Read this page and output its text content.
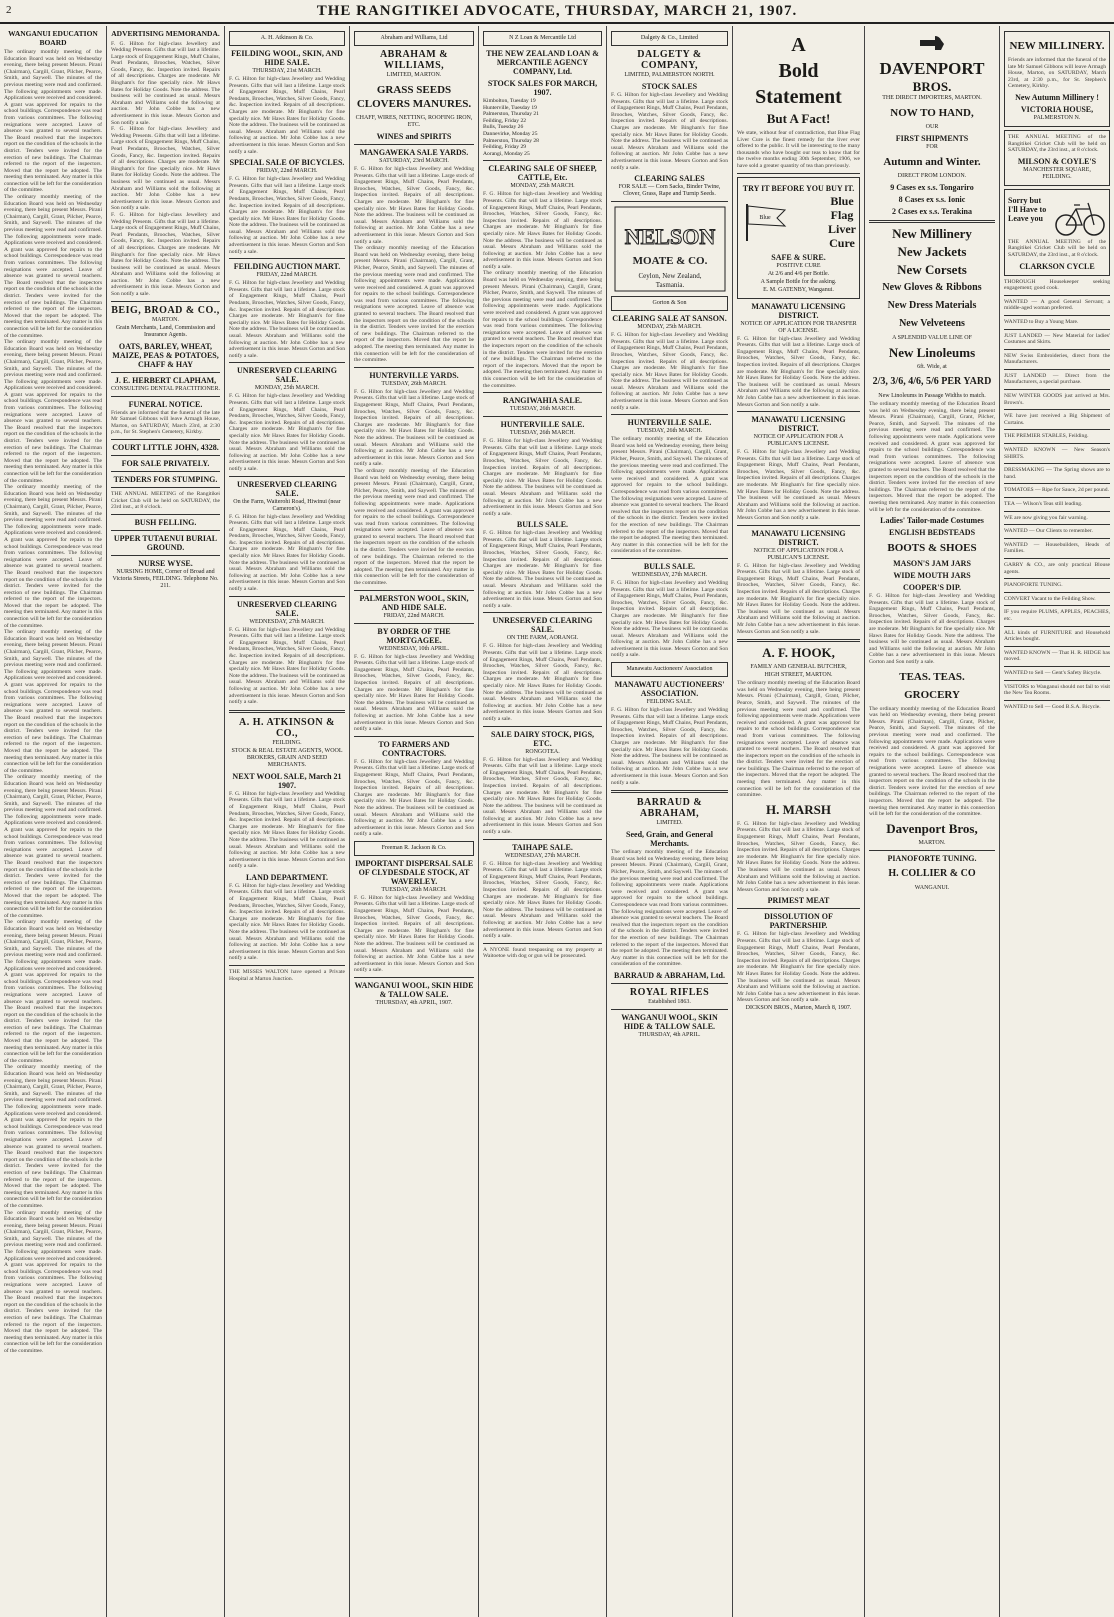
2	THE RANGITIKEI ADVOCATE, THURSDAY, MARCH 21, 1907.
WANGANUI EDUCATION BOARD
The ordinary monthly meeting of the Education Board was held on Wednesday evening, there being present Messrs. Pirani (Chairman), Cargill, Grant, Pilcher, Pearce, Smith, and Saywell. The minutes of the previous meeting were read and confirmed. The following appointments were made. Applications were received and considered. A grant was approved for repairs to the school buildings. Correspondence was read from various committees. The following resignations were accepted. Leave of absence was granted to several teachers. The Board resolved that the inspectors report on the condition of the schools in the district. Tenders were invited for the erection of new buildings. The Chairman referred to the report of the inspectors. Moved that the report be adopted. The meeting then terminated. Any matter in this connection will be left for the consideration of the committee.
The ordinary monthly meeting of the Education Board was held on Wednesday evening, there being present Messrs. Pirani (Chairman), Cargill, Grant, Pilcher, Pearce, Smith, and Saywell. The minutes of the previous meeting were read and confirmed. The following appointments were made. Applications were received and considered. A grant was approved for repairs to the school buildings. Correspondence was read from various committees. The following resignations were accepted. Leave of absence was granted to several teachers. The Board resolved that the inspectors report on the condition of the schools in the district. Tenders were invited for the erection of new buildings. The Chairman referred to the report of the inspectors. Moved that the report be adopted. The meeting then terminated. Any matter in this connection will be left for the consideration of the committee.
The ordinary monthly meeting of the Education Board was held on Wednesday evening, there being present Messrs. Pirani (Chairman), Cargill, Grant, Pilcher, Pearce, Smith, and Saywell. The minutes of the previous meeting were read and confirmed. The following appointments were made. Applications were received and considered. A grant was approved for repairs to the school buildings. Correspondence was read from various committees. The following resignations were accepted. Leave of absence was granted to several teachers. The Board resolved that the inspectors report on the condition of the schools in the district. Tenders were invited for the erection of new buildings. The Chairman referred to the report of the inspectors. Moved that the report be adopted. The meeting then terminated. Any matter in this connection will be left for the consideration of the committee.
The ordinary monthly meeting of the Education Board was held on Wednesday evening, there being present Messrs. Pirani (Chairman), Cargill, Grant, Pilcher, Pearce, Smith, and Saywell. The minutes of the previous meeting were read and confirmed. The following appointments were made. Applications were received and considered. A grant was approved for repairs to the school buildings. Correspondence was read from various committees. The following resignations were accepted. Leave of absence was granted to several teachers. The Board resolved that the inspectors report on the condition of the schools in the district. Tenders were invited for the erection of new buildings. The Chairman referred to the report of the inspectors. Moved that the report be adopted. The meeting then terminated. Any matter in this connection will be left for the consideration of the committee.
The ordinary monthly meeting of the Education Board was held on Wednesday evening, there being present Messrs. Pirani (Chairman), Cargill, Grant, Pilcher, Pearce, Smith, and Saywell. The minutes of the previous meeting were read and confirmed. The following appointments were made. Applications were received and considered. A grant was approved for repairs to the school buildings. Correspondence was read from various committees. The following resignations were accepted. Leave of absence was granted to several teachers. The Board resolved that the inspectors report on the condition of the schools in the district. Tenders were invited for the erection of new buildings. The Chairman referred to the report of the inspectors. Moved that the report be adopted. The meeting then terminated. Any matter in this connection will be left for the consideration of the committee.
The ordinary monthly meeting of the Education Board was held on Wednesday evening, there being present Messrs. Pirani (Chairman), Cargill, Grant, Pilcher, Pearce, Smith, and Saywell. The minutes of the previous meeting were read and confirmed. The following appointments were made. Applications were received and considered. A grant was approved for repairs to the school buildings. Correspondence was read from various committees. The following resignations were accepted. Leave of absence was granted to several teachers. The Board resolved that the inspectors report on the condition of the schools in the district. Tenders were invited for the erection of new buildings. The Chairman referred to the report of the inspectors. Moved that the report be adopted. The meeting then terminated. Any matter in this connection will be left for the consideration of the committee.
The ordinary monthly meeting of the Education Board was held on Wednesday evening, there being present Messrs. Pirani (Chairman), Cargill, Grant, Pilcher, Pearce, Smith, and Saywell. The minutes of the previous meeting were read and confirmed. The following appointments were made. Applications were received and considered. A grant was approved for repairs to the school buildings. Correspondence was read from various committees. The following resignations were accepted. Leave of absence was granted to several teachers. The Board resolved that the inspectors report on the condition of the schools in the district. Tenders were invited for the erection of new buildings. The Chairman referred to the report of the inspectors. Moved that the report be adopted. The meeting then terminated. Any matter in this connection will be left for the consideration of the committee.
The ordinary monthly meeting of the Education Board was held on Wednesday evening, there being present Messrs. Pirani (Chairman), Cargill, Grant, Pilcher, Pearce, Smith, and Saywell. The minutes of the previous meeting were read and confirmed. The following appointments were made. Applications were received and considered. A grant was approved for repairs to the school buildings. Correspondence was read from various committees. The following resignations were accepted. Leave of absence was granted to several teachers. The Board resolved that the inspectors report on the condition of the schools in the district. Tenders were invited for the erection of new buildings. The Chairman referred to the report of the inspectors. Moved that the report be adopted. The meeting then terminated. Any matter in this connection will be left for the consideration of the committee.
The ordinary monthly meeting of the Education Board was held on Wednesday evening, there being present Messrs. Pirani (Chairman), Cargill, Grant, Pilcher, Pearce, Smith, and Saywell. The minutes of the previous meeting were read and confirmed. The following appointments were made. Applications were received and considered. A grant was approved for repairs to the school buildings. Correspondence was read from various committees. The following resignations were accepted. Leave of absence was granted to several teachers. The Board resolved that the inspectors report on the condition of the schools in the district. Tenders were invited for the erection of new buildings. The Chairman referred to the report of the inspectors. Moved that the report be adopted. The meeting then terminated. Any matter in this connection will be left for the consideration of the committee.
ADVERTISING MEMORANDA.
F. G. Hilton for high-class Jewellery and Wedding Presents. Gifts that will last a lifetime. Large stock of Engagement Rings, Muff Chains, Pearl Pendants, Brooches, Watches, Silver Goods, Fancy, &c. Inspection invited. Repairs of all descriptions. Charges are moderate. Mr Bingham's for fine specially nice. Mr Haws Bates for Holiday Goods. Note the address. The business will be continued as usual. Messrs Abraham and Williams sold the following at auction. Mr John Cobbe has a new advertisement in this issue. Messrs Gorton and Son notify a sale.
F. G. Hilton for high-class Jewellery and Wedding Presents. Gifts that will last a lifetime. Large stock of Engagement Rings, Muff Chains, Pearl Pendants, Brooches, Watches, Silver Goods, Fancy, &c. Inspection invited. Repairs of all descriptions. Charges are moderate. Mr Bingham's for fine specially nice. Mr Haws Bates for Holiday Goods. Note the address. The business will be continued as usual. Messrs Abraham and Williams sold the following at auction. Mr John Cobbe has a new advertisement in this issue. Messrs Gorton and Son notify a sale.
F. G. Hilton for high-class Jewellery and Wedding Presents. Gifts that will last a lifetime. Large stock of Engagement Rings, Muff Chains, Pearl Pendants, Brooches, Watches, Silver Goods, Fancy, &c. Inspection invited. Repairs of all descriptions. Charges are moderate. Mr Bingham's for fine specially nice. Mr Haws Bates for Holiday Goods. Note the address. The business will be continued as usual. Messrs Abraham and Williams sold the following at auction. Mr John Cobbe has a new advertisement in this issue. Messrs Gorton and Son notify a sale.
BEIG, BROAD & CO.,
MARTON.
Grain Merchants, Land, Commission and Insurance Agents.
OATS, BARLEY, WHEAT, MAIZE, PEAS & POTATOES, CHAFF & HAY
J. E. HERBERT CLAPHAM,
CONSULTING DENTAL PRACTITIONER.
FUNERAL NOTICE.
Friends are informed that the funeral of the late Mr Samuel Gibbons will leave Armagh House, Marton, on SATURDAY, March 23rd, at 2:30 p.m., for St. Stephen's Cemetery, Kirkby.
COURT LITTLE JOHN, 4328.
FOR SALE PRIVATELY.
TENDERS FOR STUMPING.
THE ANNUAL MEETING of the Rangitikei Cricket Club will be held on SATURDAY, the 23rd inst., at 8 o'clock.
BUSH FELLING.
UPPER TUTAENUI BURIAL GROUND.
NURSE WYSE.
NURSING HOME, Corner of Broad and Victoria Streets, FEILDING. Telephone No. 211.
A. H. Atkinson & Co.
FEILDING WOOL, SKIN, AND HIDE SALE.
THURSDAY, 21st MARCH.
F. G. Hilton for high-class Jewellery and Wedding Presents. Gifts that will last a lifetime. Large stock of Engagement Rings, Muff Chains, Pearl Pendants, Brooches, Watches, Silver Goods, Fancy, &c. Inspection invited. Repairs of all descriptions. Charges are moderate. Mr Bingham's for fine specially nice. Mr Haws Bates for Holiday Goods. Note the address. The business will be continued as usual. Messrs Abraham and Williams sold the following at auction. Mr John Cobbe has a new advertisement in this issue. Messrs Gorton and Son notify a sale.
SPECIAL SALE OF BICYCLES.
FRIDAY, 22nd MARCH.
F. G. Hilton for high-class Jewellery and Wedding Presents. Gifts that will last a lifetime. Large stock of Engagement Rings, Muff Chains, Pearl Pendants, Brooches, Watches, Silver Goods, Fancy, &c. Inspection invited. Repairs of all descriptions. Charges are moderate. Mr Bingham's for fine specially nice. Mr Haws Bates for Holiday Goods. Note the address. The business will be continued as usual. Messrs Abraham and Williams sold the following at auction. Mr John Cobbe has a new advertisement in this issue. Messrs Gorton and Son notify a sale.
FEILDING AUCTION MART.
FRIDAY, 22nd MARCH.
F. G. Hilton for high-class Jewellery and Wedding Presents. Gifts that will last a lifetime. Large stock of Engagement Rings, Muff Chains, Pearl Pendants, Brooches, Watches, Silver Goods, Fancy, &c. Inspection invited. Repairs of all descriptions. Charges are moderate. Mr Bingham's for fine specially nice. Mr Haws Bates for Holiday Goods. Note the address. The business will be continued as usual. Messrs Abraham and Williams sold the following at auction. Mr John Cobbe has a new advertisement in this issue. Messrs Gorton and Son notify a sale.
UNRESERVED CLEARING SALE.
MONDAY, 25th MARCH.
F. G. Hilton for high-class Jewellery and Wedding Presents. Gifts that will last a lifetime. Large stock of Engagement Rings, Muff Chains, Pearl Pendants, Brooches, Watches, Silver Goods, Fancy, &c. Inspection invited. Repairs of all descriptions. Charges are moderate. Mr Bingham's for fine specially nice. Mr Haws Bates for Holiday Goods. Note the address. The business will be continued as usual. Messrs Abraham and Williams sold the following at auction. Mr John Cobbe has a new advertisement in this issue. Messrs Gorton and Son notify a sale.
UNRESERVED CLEARING SALE.
On the Farm, Waiterohi Road, Hiwinui (near Cameron's).
F. G. Hilton for high-class Jewellery and Wedding Presents. Gifts that will last a lifetime. Large stock of Engagement Rings, Muff Chains, Pearl Pendants, Brooches, Watches, Silver Goods, Fancy, &c. Inspection invited. Repairs of all descriptions. Charges are moderate. Mr Bingham's for fine specially nice. Mr Haws Bates for Holiday Goods. Note the address. The business will be continued as usual. Messrs Abraham and Williams sold the following at auction. Mr John Cobbe has a new advertisement in this issue. Messrs Gorton and Son notify a sale.
UNRESERVED CLEARING SALE.
WEDNESDAY, 27th MARCH.
F. G. Hilton for high-class Jewellery and Wedding Presents. Gifts that will last a lifetime. Large stock of Engagement Rings, Muff Chains, Pearl Pendants, Brooches, Watches, Silver Goods, Fancy, &c. Inspection invited. Repairs of all descriptions. Charges are moderate. Mr Bingham's for fine specially nice. Mr Haws Bates for Holiday Goods. Note the address. The business will be continued as usual. Messrs Abraham and Williams sold the following at auction. Mr John Cobbe has a new advertisement in this issue. Messrs Gorton and Son notify a sale.
A. H. ATKINSON & CO.,
FEILDING.
STOCK & REAL ESTATE AGENTS, WOOL BROKERS, GRAIN AND SEED MERCHANTS.
NEXT WOOL SALE, March 21 1907.
F. G. Hilton for high-class Jewellery and Wedding Presents. Gifts that will last a lifetime. Large stock of Engagement Rings, Muff Chains, Pearl Pendants, Brooches, Watches, Silver Goods, Fancy, &c. Inspection invited. Repairs of all descriptions. Charges are moderate. Mr Bingham's for fine specially nice. Mr Haws Bates for Holiday Goods. Note the address. The business will be continued as usual. Messrs Abraham and Williams sold the following at auction. Mr John Cobbe has a new advertisement in this issue. Messrs Gorton and Son notify a sale.
LAND DEPARTMENT.
F. G. Hilton for high-class Jewellery and Wedding Presents. Gifts that will last a lifetime. Large stock of Engagement Rings, Muff Chains, Pearl Pendants, Brooches, Watches, Silver Goods, Fancy, &c. Inspection invited. Repairs of all descriptions. Charges are moderate. Mr Bingham's for fine specially nice. Mr Haws Bates for Holiday Goods. Note the address. The business will be continued as usual. Messrs Abraham and Williams sold the following at auction. Mr John Cobbe has a new advertisement in this issue. Messrs Gorton and Son notify a sale.
THE MISSES WALTON have opened a Private Hospital at Marton Junction.
Abraham and Williams, Ltd
ABRAHAM & WILLIAMS,
LIMITED, MARTON.
GRASS SEEDS CLOVERS MANURES.
CHAFF, WIRES, NETTING, ROOFING IRON, ETC.
WINES and SPIRITS
MANGAWEKA SALE YARDS.
SATURDAY, 23rd MARCH.
F. G. Hilton for high-class Jewellery and Wedding Presents. Gifts that will last a lifetime. Large stock of Engagement Rings, Muff Chains, Pearl Pendants, Brooches, Watches, Silver Goods, Fancy, &c. Inspection invited. Repairs of all descriptions. Charges are moderate. Mr Bingham's for fine specially nice. Mr Haws Bates for Holiday Goods. Note the address. The business will be continued as usual. Messrs Abraham and Williams sold the following at auction. Mr John Cobbe has a new advertisement in this issue. Messrs Gorton and Son notify a sale.
The ordinary monthly meeting of the Education Board was held on Wednesday evening, there being present Messrs. Pirani (Chairman), Cargill, Grant, Pilcher, Pearce, Smith, and Saywell. The minutes of the previous meeting were read and confirmed. The following appointments were made. Applications were received and considered. A grant was approved for repairs to the school buildings. Correspondence was read from various committees. The following resignations were accepted. Leave of absence was granted to several teachers. The Board resolved that the inspectors report on the condition of the schools in the district. Tenders were invited for the erection of new buildings. The Chairman referred to the report of the inspectors. Moved that the report be adopted. The meeting then terminated. Any matter in this connection will be left for the consideration of the committee.
HUNTERVILLE YARDS.
TUESDAY, 26th MARCH.
F. G. Hilton for high-class Jewellery and Wedding Presents. Gifts that will last a lifetime. Large stock of Engagement Rings, Muff Chains, Pearl Pendants, Brooches, Watches, Silver Goods, Fancy, &c. Inspection invited. Repairs of all descriptions. Charges are moderate. Mr Bingham's for fine specially nice. Mr Haws Bates for Holiday Goods. Note the address. The business will be continued as usual. Messrs Abraham and Williams sold the following at auction. Mr John Cobbe has a new advertisement in this issue. Messrs Gorton and Son notify a sale.
The ordinary monthly meeting of the Education Board was held on Wednesday evening, there being present Messrs. Pirani (Chairman), Cargill, Grant, Pilcher, Pearce, Smith, and Saywell. The minutes of the previous meeting were read and confirmed. The following appointments were made. Applications were received and considered. A grant was approved for repairs to the school buildings. Correspondence was read from various committees. The following resignations were accepted. Leave of absence was granted to several teachers. The Board resolved that the inspectors report on the condition of the schools in the district. Tenders were invited for the erection of new buildings. The Chairman referred to the report of the inspectors. Moved that the report be adopted. The meeting then terminated. Any matter in this connection will be left for the consideration of the committee.
PALMERSTON WOOL, SKIN, AND HIDE SALE.
FRIDAY, 22nd MARCH.
BY ORDER OF THE MORTGAGEE.
WEDNESDAY, 10th APRIL.
F. G. Hilton for high-class Jewellery and Wedding Presents. Gifts that will last a lifetime. Large stock of Engagement Rings, Muff Chains, Pearl Pendants, Brooches, Watches, Silver Goods, Fancy, &c. Inspection invited. Repairs of all descriptions. Charges are moderate. Mr Bingham's for fine specially nice. Mr Haws Bates for Holiday Goods. Note the address. The business will be continued as usual. Messrs Abraham and Williams sold the following at auction. Mr John Cobbe has a new advertisement in this issue. Messrs Gorton and Son notify a sale.
TO FARMERS AND CONTRACTORS.
F. G. Hilton for high-class Jewellery and Wedding Presents. Gifts that will last a lifetime. Large stock of Engagement Rings, Muff Chains, Pearl Pendants, Brooches, Watches, Silver Goods, Fancy, &c. Inspection invited. Repairs of all descriptions. Charges are moderate. Mr Bingham's for fine specially nice. Mr Haws Bates for Holiday Goods. Note the address. The business will be continued as usual. Messrs Abraham and Williams sold the following at auction. Mr John Cobbe has a new advertisement in this issue. Messrs Gorton and Son notify a sale.
Freeman R. Jackson & Co.
IMPORTANT DISPERSAL SALE OF CLYDESDALE STOCK, AT WAVERLEY.
TUESDAY, 26th MARCH.
F. G. Hilton for high-class Jewellery and Wedding Presents. Gifts that will last a lifetime. Large stock of Engagement Rings, Muff Chains, Pearl Pendants, Brooches, Watches, Silver Goods, Fancy, &c. Inspection invited. Repairs of all descriptions. Charges are moderate. Mr Bingham's for fine specially nice. Mr Haws Bates for Holiday Goods. Note the address. The business will be continued as usual. Messrs Abraham and Williams sold the following at auction. Mr John Cobbe has a new advertisement in this issue. Messrs Gorton and Son notify a sale.
WANGANUI WOOL, SKIN HIDE & TALLOW SALE.
THURSDAY, 4th APRIL, 1907.
N Z Loan & Mercantile Ltd
THE NEW ZEALAND LOAN & MERCANTILE AGENCY COMPANY, Ltd.
STOCK SALES FOR MARCH, 1907.
Kimbolton, Tuesday 19
Hunterville, Tuesday 19
Palmerston, Thursday 21
Feilding, Friday 22
Bulls, Tuesday 26
Dannevirke, Monday 25
Palmerston, Thursday 28
Feilding, Friday 29
Aorangi, Monday 25
CLEARING SALE OF SHEEP, CATTLE, Etc.
MONDAY, 25th MARCH.
F. G. Hilton for high-class Jewellery and Wedding Presents. Gifts that will last a lifetime. Large stock of Engagement Rings, Muff Chains, Pearl Pendants, Brooches, Watches, Silver Goods, Fancy, &c. Inspection invited. Repairs of all descriptions. Charges are moderate. Mr Bingham's for fine specially nice. Mr Haws Bates for Holiday Goods. Note the address. The business will be continued as usual. Messrs Abraham and Williams sold the following at auction. Mr John Cobbe has a new advertisement in this issue. Messrs Gorton and Son notify a sale.
The ordinary monthly meeting of the Education Board was held on Wednesday evening, there being present Messrs. Pirani (Chairman), Cargill, Grant, Pilcher, Pearce, Smith, and Saywell. The minutes of the previous meeting were read and confirmed. The following appointments were made. Applications were received and considered. A grant was approved for repairs to the school buildings. Correspondence was read from various committees. The following resignations were accepted. Leave of absence was granted to several teachers. The Board resolved that the inspectors report on the condition of the schools in the district. Tenders were invited for the erection of new buildings. The Chairman referred to the report of the inspectors. Moved that the report be adopted. The meeting then terminated. Any matter in this connection will be left for the consideration of the committee.
RANGIWAHIA SALE.
TUESDAY, 26th MARCH.
HUNTERVILLE SALE.
TUESDAY, 26th MARCH.
F. G. Hilton for high-class Jewellery and Wedding Presents. Gifts that will last a lifetime. Large stock of Engagement Rings, Muff Chains, Pearl Pendants, Brooches, Watches, Silver Goods, Fancy, &c. Inspection invited. Repairs of all descriptions. Charges are moderate. Mr Bingham's for fine specially nice. Mr Haws Bates for Holiday Goods. Note the address. The business will be continued as usual. Messrs Abraham and Williams sold the following at auction. Mr John Cobbe has a new advertisement in this issue. Messrs Gorton and Son notify a sale.
BULLS SALE.
F. G. Hilton for high-class Jewellery and Wedding Presents. Gifts that will last a lifetime. Large stock of Engagement Rings, Muff Chains, Pearl Pendants, Brooches, Watches, Silver Goods, Fancy, &c. Inspection invited. Repairs of all descriptions. Charges are moderate. Mr Bingham's for fine specially nice. Mr Haws Bates for Holiday Goods. Note the address. The business will be continued as usual. Messrs Abraham and Williams sold the following at auction. Mr John Cobbe has a new advertisement in this issue. Messrs Gorton and Son notify a sale.
UNRESERVED CLEARING SALE.
ON THE FARM, AORANGI.
F. G. Hilton for high-class Jewellery and Wedding Presents. Gifts that will last a lifetime. Large stock of Engagement Rings, Muff Chains, Pearl Pendants, Brooches, Watches, Silver Goods, Fancy, &c. Inspection invited. Repairs of all descriptions. Charges are moderate. Mr Bingham's for fine specially nice. Mr Haws Bates for Holiday Goods. Note the address. The business will be continued as usual. Messrs Abraham and Williams sold the following at auction. Mr John Cobbe has a new advertisement in this issue. Messrs Gorton and Son notify a sale.
SALE DAIRY STOCK, PIGS, ETC.
RONGOTEA.
F. G. Hilton for high-class Jewellery and Wedding Presents. Gifts that will last a lifetime. Large stock of Engagement Rings, Muff Chains, Pearl Pendants, Brooches, Watches, Silver Goods, Fancy, &c. Inspection invited. Repairs of all descriptions. Charges are moderate. Mr Bingham's for fine specially nice. Mr Haws Bates for Holiday Goods. Note the address. The business will be continued as usual. Messrs Abraham and Williams sold the following at auction. Mr John Cobbe has a new advertisement in this issue. Messrs Gorton and Son notify a sale.
TAIHAPE SALE.
WEDNESDAY, 27th MARCH.
F. G. Hilton for high-class Jewellery and Wedding Presents. Gifts that will last a lifetime. Large stock of Engagement Rings, Muff Chains, Pearl Pendants, Brooches, Watches, Silver Goods, Fancy, &c. Inspection invited. Repairs of all descriptions. Charges are moderate. Mr Bingham's for fine specially nice. Mr Haws Bates for Holiday Goods. Note the address. The business will be continued as usual. Messrs Abraham and Williams sold the following at auction. Mr John Cobbe has a new advertisement in this issue. Messrs Gorton and Son notify a sale.
A NYONE found trespassing on my property at Waitoetoe with dog or gun will be prosecuted.
Dalgety & Co., Limited
DALGETY & COMPANY,
LIMITED, PALMERSTON NORTH.
STOCK SALES
F. G. Hilton for high-class Jewellery and Wedding Presents. Gifts that will last a lifetime. Large stock of Engagement Rings, Muff Chains, Pearl Pendants, Brooches, Watches, Silver Goods, Fancy, &c. Inspection invited. Repairs of all descriptions. Charges are moderate. Mr Bingham's for fine specially nice. Mr Haws Bates for Holiday Goods. Note the address. The business will be continued as usual. Messrs Abraham and Williams sold the following at auction. Mr John Cobbe has a new advertisement in this issue. Messrs Gorton and Son notify a sale.
CLEARING SALES
FOR SALE — Corn Sacks, Binder Twine, Clover, Grass, Rape and Turnip Seeds.
NELSON
MOATE & CO.
Ceylon, New Zealand,
Tasmania.
Gorton & Son
CLEARING SALE AT SANSON.
MONDAY, 25th MARCH.
F. G. Hilton for high-class Jewellery and Wedding Presents. Gifts that will last a lifetime. Large stock of Engagement Rings, Muff Chains, Pearl Pendants, Brooches, Watches, Silver Goods, Fancy, &c. Inspection invited. Repairs of all descriptions. Charges are moderate. Mr Bingham's for fine specially nice. Mr Haws Bates for Holiday Goods. Note the address. The business will be continued as usual. Messrs Abraham and Williams sold the following at auction. Mr John Cobbe has a new advertisement in this issue. Messrs Gorton and Son notify a sale.
HUNTERVILLE SALE.
TUESDAY, 26th MARCH.
The ordinary monthly meeting of the Education Board was held on Wednesday evening, there being present Messrs. Pirani (Chairman), Cargill, Grant, Pilcher, Pearce, Smith, and Saywell. The minutes of the previous meeting were read and confirmed. The following appointments were made. Applications were received and considered. A grant was approved for repairs to the school buildings. Correspondence was read from various committees. The following resignations were accepted. Leave of absence was granted to several teachers. The Board resolved that the inspectors report on the condition of the schools in the district. Tenders were invited for the erection of new buildings. The Chairman referred to the report of the inspectors. Moved that the report be adopted. The meeting then terminated. Any matter in this connection will be left for the consideration of the committee.
BULLS SALE.
WEDNESDAY, 27th MARCH.
F. G. Hilton for high-class Jewellery and Wedding Presents. Gifts that will last a lifetime. Large stock of Engagement Rings, Muff Chains, Pearl Pendants, Brooches, Watches, Silver Goods, Fancy, &c. Inspection invited. Repairs of all descriptions. Charges are moderate. Mr Bingham's for fine specially nice. Mr Haws Bates for Holiday Goods. Note the address. The business will be continued as usual. Messrs Abraham and Williams sold the following at auction. Mr John Cobbe has a new advertisement in this issue. Messrs Gorton and Son notify a sale.
Manawatu Auctioneers' Association
MANAWATU AUCTIONEERS' ASSOCIATION.
FEILDING SALE.
F. G. Hilton for high-class Jewellery and Wedding Presents. Gifts that will last a lifetime. Large stock of Engagement Rings, Muff Chains, Pearl Pendants, Brooches, Watches, Silver Goods, Fancy, &c. Inspection invited. Repairs of all descriptions. Charges are moderate. Mr Bingham's for fine specially nice. Mr Haws Bates for Holiday Goods. Note the address. The business will be continued as usual. Messrs Abraham and Williams sold the following at auction. Mr John Cobbe has a new advertisement in this issue. Messrs Gorton and Son notify a sale.
BARRAUD & ABRAHAM,
LIMITED.
Seed, Grain, and General Merchants.
The ordinary monthly meeting of the Education Board was held on Wednesday evening, there being present Messrs. Pirani (Chairman), Cargill, Grant, Pilcher, Pearce, Smith, and Saywell. The minutes of the previous meeting were read and confirmed. The following appointments were made. Applications were received and considered. A grant was approved for repairs to the school buildings. Correspondence was read from various committees. The following resignations were accepted. Leave of absence was granted to several teachers. The Board resolved that the inspectors report on the condition of the schools in the district. Tenders were invited for the erection of new buildings. The Chairman referred to the report of the inspectors. Moved that the report be adopted. The meeting then terminated. Any matter in this connection will be left for the consideration of the committee.
BARRAUD & ABRAHAM, Ltd.
ROYAL RIFLES
Established 1863.
WANGANUI WOOL, SKIN HIDE & TALLOW SALE.
THURSDAY, 4th APRIL.
A
Bold
Statement
But A Fact!
We state, without fear of contradiction, that Blue Flag Liver Cure is the finest remedy for the liver ever offered to the public. It will be interesting to the many thousands who have bought our teas to know that for the twelve months ending 30th September, 1906, we have sold a greater quantity of tea than previously.
TRY IT BEFORE YOU BUY IT.
Blue
Blue
Flag
Liver
Cure
SAFE & SURE.
POSITIVE CURE
At 2/6 and 4/6 per Bottle.
A Sample Bottle for the asking.
E. M. GATENBY, Wanganui.
MANAWATU LICENSING DISTRICT.
NOTICE OF APPLICATION FOR TRANSFER OF A LICENSE.
F. G. Hilton for high-class Jewellery and Wedding Presents. Gifts that will last a lifetime. Large stock of Engagement Rings, Muff Chains, Pearl Pendants, Brooches, Watches, Silver Goods, Fancy, &c. Inspection invited. Repairs of all descriptions. Charges are moderate. Mr Bingham's for fine specially nice. Mr Haws Bates for Holiday Goods. Note the address. The business will be continued as usual. Messrs Abraham and Williams sold the following at auction. Mr John Cobbe has a new advertisement in this issue. Messrs Gorton and Son notify a sale.
MANAWATU LICENSING DISTRICT.
NOTICE OF APPLICATION FOR A PUBLICAN'S LICENSE.
F. G. Hilton for high-class Jewellery and Wedding Presents. Gifts that will last a lifetime. Large stock of Engagement Rings, Muff Chains, Pearl Pendants, Brooches, Watches, Silver Goods, Fancy, &c. Inspection invited. Repairs of all descriptions. Charges are moderate. Mr Bingham's for fine specially nice. Mr Haws Bates for Holiday Goods. Note the address. The business will be continued as usual. Messrs Abraham and Williams sold the following at auction. Mr John Cobbe has a new advertisement in this issue. Messrs Gorton and Son notify a sale.
MANAWATU LICENSING DISTRICT.
NOTICE OF APPLICATION FOR A PUBLICAN'S LICENSE.
F. G. Hilton for high-class Jewellery and Wedding Presents. Gifts that will last a lifetime. Large stock of Engagement Rings, Muff Chains, Pearl Pendants, Brooches, Watches, Silver Goods, Fancy, &c. Inspection invited. Repairs of all descriptions. Charges are moderate. Mr Bingham's for fine specially nice. Mr Haws Bates for Holiday Goods. Note the address. The business will be continued as usual. Messrs Abraham and Williams sold the following at auction. Mr John Cobbe has a new advertisement in this issue. Messrs Gorton and Son notify a sale.
A. F. HOOK,
FAMILY AND GENERAL BUTCHER,
HIGH STREET, MARTON.
The ordinary monthly meeting of the Education Board was held on Wednesday evening, there being present Messrs. Pirani (Chairman), Cargill, Grant, Pilcher, Pearce, Smith, and Saywell. The minutes of the previous meeting were read and confirmed. The following appointments were made. Applications were received and considered. A grant was approved for repairs to the school buildings. Correspondence was read from various committees. The following resignations were accepted. Leave of absence was granted to several teachers. The Board resolved that the inspectors report on the condition of the schools in the district. Tenders were invited for the erection of new buildings. The Chairman referred to the report of the inspectors. Moved that the report be adopted. The meeting then terminated. Any matter in this connection will be left for the consideration of the committee.
H. MARSH
F. G. Hilton for high-class Jewellery and Wedding Presents. Gifts that will last a lifetime. Large stock of Engagement Rings, Muff Chains, Pearl Pendants, Brooches, Watches, Silver Goods, Fancy, &c. Inspection invited. Repairs of all descriptions. Charges are moderate. Mr Bingham's for fine specially nice. Mr Haws Bates for Holiday Goods. Note the address. The business will be continued as usual. Messrs Abraham and Williams sold the following at auction. Mr John Cobbe has a new advertisement in this issue. Messrs Gorton and Son notify a sale.
PRIMEST MEAT
DISSOLUTION OF PARTNERSHIP.
F. G. Hilton for high-class Jewellery and Wedding Presents. Gifts that will last a lifetime. Large stock of Engagement Rings, Muff Chains, Pearl Pendants, Brooches, Watches, Silver Goods, Fancy, &c. Inspection invited. Repairs of all descriptions. Charges are moderate. Mr Bingham's for fine specially nice. Mr Haws Bates for Holiday Goods. Note the address. The business will be continued as usual. Messrs Abraham and Williams sold the following at auction. Mr John Cobbe has a new advertisement in this issue. Messrs Gorton and Son notify a sale.
DICKSON BROS., Marton, March 8, 1907.
DAVENPORT
BROS.
THE DIRECT IMPORTERS, MARTON.
NOW TO HAND,
OUR
FIRST SHIPMENTS
FOR
Autumn and Winter.
DIRECT FROM LONDON.
9 Cases ex s.s. Tongariro
8 Cases ex s.s. Ionic
2 Cases ex s.s. Terakina
New Millinery
New Jackets
New Corsets
New Gloves & Ribbons
New Dress Materials
New Velveteens
A SPLENDID VALUE LINE OF
New Linoleums
6ft. Wide, at
2/3, 3/6, 4/6, 5/6 PER YARD
New Linoleums in Passage Widths to match.
The ordinary monthly meeting of the Education Board was held on Wednesday evening, there being present Messrs. Pirani (Chairman), Cargill, Grant, Pilcher, Pearce, Smith, and Saywell. The minutes of the previous meeting were read and confirmed. The following appointments were made. Applications were received and considered. A grant was approved for repairs to the school buildings. Correspondence was read from various committees. The following resignations were accepted. Leave of absence was granted to several teachers. The Board resolved that the inspectors report on the condition of the schools in the district. Tenders were invited for the erection of new buildings. The Chairman referred to the report of the inspectors. Moved that the report be adopted. The meeting then terminated. Any matter in this connection will be left for the consideration of the committee.
Ladies' Tailor-made Costumes
ENGLISH BEDSTEADS
BOOTS & SHOES
MASON'S JAM JARS
WIDE MOUTH JARS
COOPER'S DIP.
F. G. Hilton for high-class Jewellery and Wedding Presents. Gifts that will last a lifetime. Large stock of Engagement Rings, Muff Chains, Pearl Pendants, Brooches, Watches, Silver Goods, Fancy, &c. Inspection invited. Repairs of all descriptions. Charges are moderate. Mr Bingham's for fine specially nice. Mr Haws Bates for Holiday Goods. Note the address. The business will be continued as usual. Messrs Abraham and Williams sold the following at auction. Mr John Cobbe has a new advertisement in this issue. Messrs Gorton and Son notify a sale.
TEAS. TEAS.
GROCERY
The ordinary monthly meeting of the Education Board was held on Wednesday evening, there being present Messrs. Pirani (Chairman), Cargill, Grant, Pilcher, Pearce, Smith, and Saywell. The minutes of the previous meeting were read and confirmed. The following appointments were made. Applications were received and considered. A grant was approved for repairs to the school buildings. Correspondence was read from various committees. The following resignations were accepted. Leave of absence was granted to several teachers. The Board resolved that the inspectors report on the condition of the schools in the district. Tenders were invited for the erection of new buildings. The Chairman referred to the report of the inspectors. Moved that the report be adopted. The meeting then terminated. Any matter in this connection will be left for the consideration of the committee.
Davenport Bros,
MARTON.
PIANOFORTE TUNING.
H. COLLIER & CO
WANGANUI.
NEW MILLINERY.
Friends are informed that the funeral of the late Mr Samuel Gibbons will leave Armagh House, Marton, on SATURDAY, March 23rd, at 2:30 p.m., for St. Stephen's Cemetery, Kirkby.
New Autumn Millinery !
VICTORIA HOUSE,
PALMERSTON N.
THE ANNUAL MEETING of the Rangitikei Cricket Club will be held on SATURDAY, the 23rd inst., at 8 o'clock.
MILSON & COYLE'S
MANCHESTER SQUARE, FEILDING.
Sorry but I'll Have to Leave you
THE ANNUAL MEETING of the Rangitikei Cricket Club will be held on SATURDAY, the 23rd inst., at 8 o'clock.
CLARKSON CYCLE
THOROUGH Housekeeper seeking engagement; good cook.
WANTED — A good General Servant; a middle-aged woman preferred.
WANTED to Buy a Young Mare.
JUST LANDED — New Material for ladies' Costumes and Skirts.
NEW Swiss Embroideries, direct from the Manufacturers.
JUST LANDED — Direct from the Manufacturers, a special purchase.
NEW WINTER GOODS just arrived at Mrs. Brown's.
WE have just received a Big Shipment of Curtains.
THE PREMIER STABLES, Feilding.
WANTED KNOWN — New Season's SHIRTS.
DRESSMAKING — The Spring shows are to hand.
TOMATOES — Ripe for Sauce, 2d per pound.
TEA — Wilson's Teas still leading.
WE are now giving you fair warning.
WANTED — Our Clients to remember.
WANTED — Housebuilders, Heads of Families.
GARRY & CO., are only practical Blouse agents.
PIANOFORTE TUNING.
CONVERT Vacant to the Feilding Show.
IF you require PLUMS, APPLES, PEACHES, etc.
ALL kinds of FURNITURE and Household Articles bought.
WANTED KNOWN — That H. R. HIDGE has moved.
WANTED to Sell — Gent's Safety Bicycle.
VISITORS to Wanganui should not fail to visit the New Tea Rooms.
WANTED to Sell — Good B.S.A. Bicycle.
